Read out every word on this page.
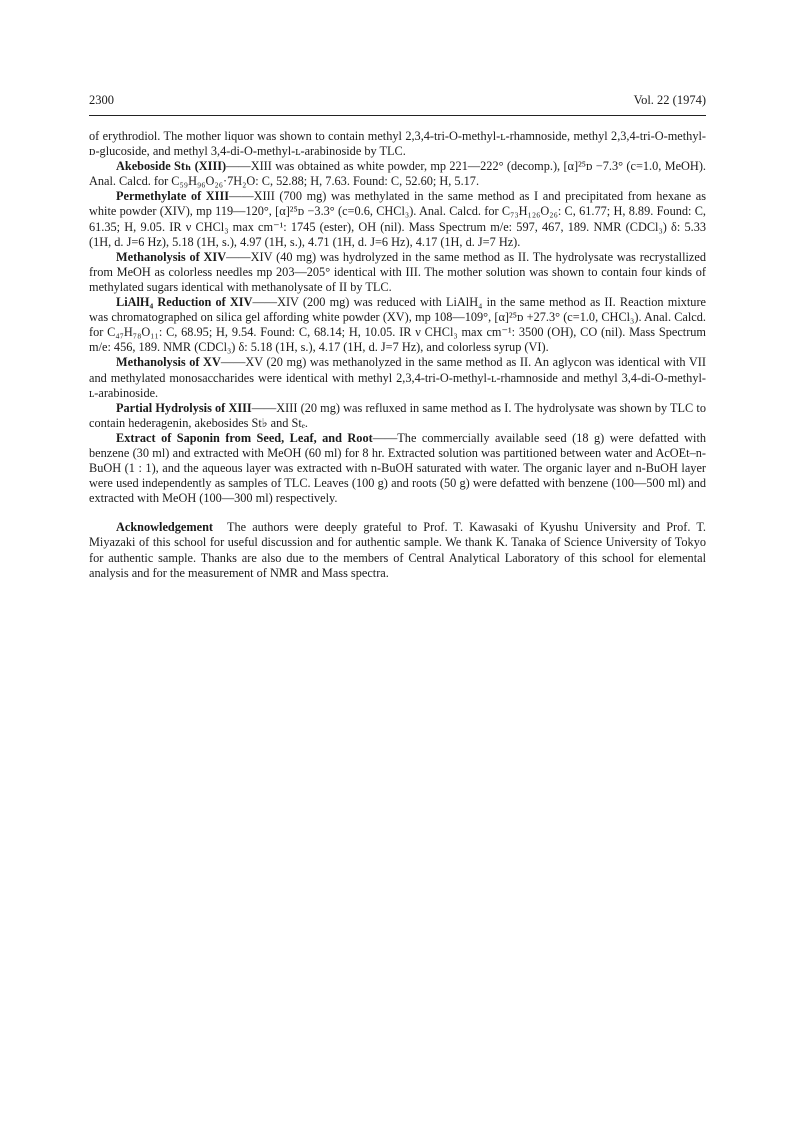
2300	Vol. 22 (1974)

of erythrodiol. The mother liquor was shown to contain methyl 2,3,4-tri-O-methyl-ʟ-rhamnoside, methyl 2,3,4-tri-O-methyl-ᴅ-glucoside, and methyl 3,4-di-O-methyl-ʟ-arabinoside by TLC.

Akeboside Stₕ (XIII)——XIII was obtained as white powder, mp 221—222° (decomp.), [α]²⁵ᴅ −7.3° (c=1.0, MeOH). Anal. Calcd. for C₅₉H₉₆O₂₆·7H₂O: C, 52.88; H, 7.63. Found: C, 52.60; H, 5.17.

Permethylate of XIII——XIII (700 mg) was methylated in the same method as I and precipitated from hexane as white powder (XIV), mp 119—120°, [α]²⁵ᴅ −3.3° (c=0.6, CHCl₃). Anal. Calcd. for C₇₃H₁₂₆O₂₆: C, 61.77; H, 8.89. Found: C, 61.35; H, 9.05. IR ν CHCl₃ max cm⁻¹: 1745 (ester), OH (nil). Mass Spectrum m/e: 597, 467, 189. NMR (CDCl₃) δ: 5.33 (1H, d. J=6 Hz), 5.18 (1H, s.), 4.97 (1H, s.), 4.71 (1H, d. J=6 Hz), 4.17 (1H, d. J=7 Hz).

Methanolysis of XIV——XIV (40 mg) was hydrolyzed in the same method as II. The hydrolysate was recrystallized from MeOH as colorless needles mp 203—205° identical with III. The mother solution was shown to contain four kinds of methylated sugars identical with methanolysate of II by TLC.

LiAlH₄ Reduction of XIV——XIV (200 mg) was reduced with LiAlH₄ in the same method as II. Reaction mixture was chromatographed on silica gel affording white powder (XV), mp 108—109°, [α]²⁵ᴅ +27.3° (c=1.0, CHCl₃). Anal. Calcd. for C₄₇H₇₈O₁₁: C, 68.95; H, 9.54. Found: C, 68.14; H, 10.05. IR ν CHCl₃ max cm⁻¹: 3500 (OH), CO (nil). Mass Spectrum m/e: 456, 189. NMR (CDCl₃) δ: 5.18 (1H, s.), 4.17 (1H, d. J=7 Hz), and colorless syrup (VI).

Methanolysis of XV——XV (20 mg) was methanolyzed in the same method as II. An aglycon was identical with VII and methylated monosaccharides were identical with methyl 2,3,4-tri-O-methyl-ʟ-rhamnoside and methyl 3,4-di-O-methyl-ʟ-arabinoside.

Partial Hydrolysis of XIII——XIII (20 mg) was refluxed in same method as I. The hydrolysate was shown by TLC to contain hederagenin, akebosides St♭ and Stₑ.

Extract of Saponin from Seed, Leaf, and Root——The commercially available seed (18 g) were defatted with benzene (30 ml) and extracted with MeOH (60 ml) for 8 hr. Extracted solution was partitioned between water and AcOEt–n-BuOH (1 : 1), and the aqueous layer was extracted with n-BuOH saturated with water. The organic layer and n-BuOH layer were used independently as samples of TLC. Leaves (100 g) and roots (50 g) were defatted with benzene (100—500 ml) and extracted with MeOH (100—300 ml) respectively.

Acknowledgement The authors were deeply grateful to Prof. T. Kawasaki of Kyushu University and Prof. T. Miyazaki of this school for useful discussion and for authentic sample. We thank K. Tanaka of Science University of Tokyo for authentic sample. Thanks are also due to the members of Central Analytical Laboratory of this school for elemental analysis and for the measurement of NMR and Mass spectra.
